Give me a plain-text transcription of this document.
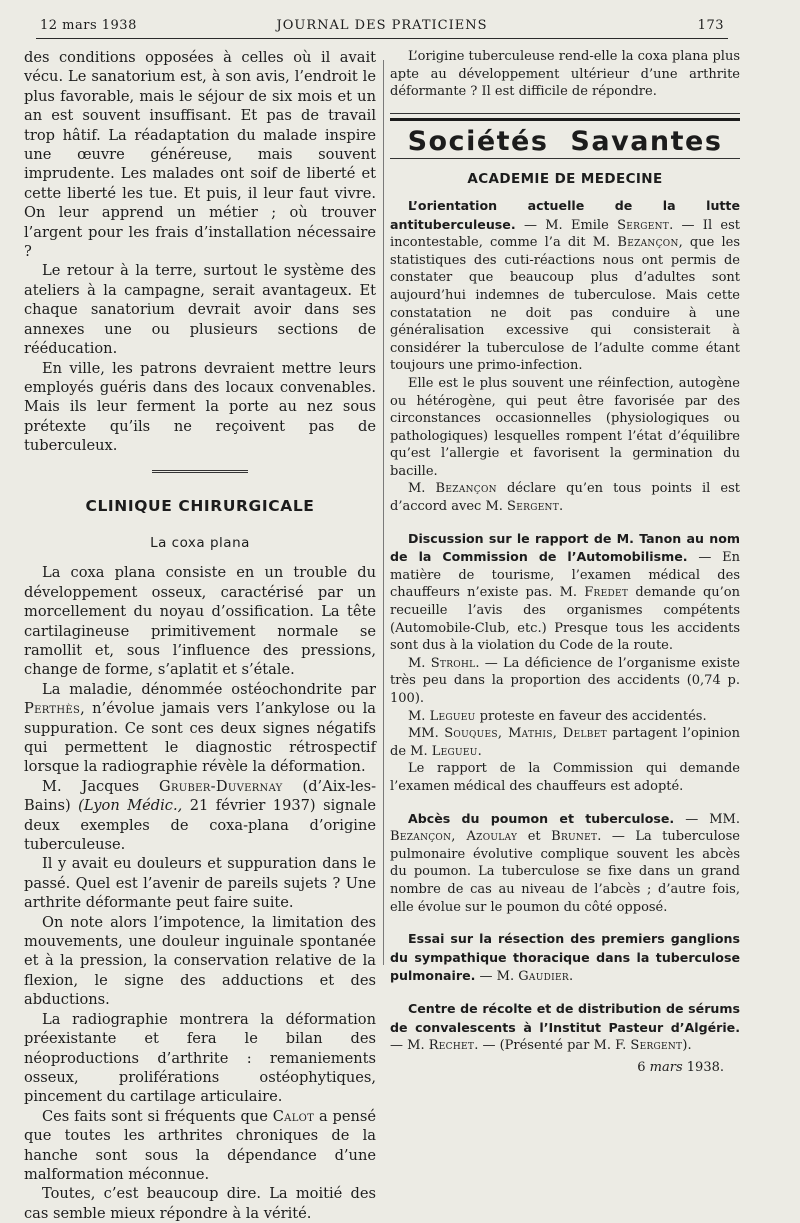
12 mars 1938	JOURNAL DES PRATICIENS	173

des conditions opposées à celles où il avait vécu. Le sanatorium est, à son avis, l’endroit le plus favorable, mais le séjour de six mois et un an est souvent insuffisant. Et pas de travail trop hâtif. La réadaptation du malade inspire une œuvre généreuse, mais souvent imprudente. Les malades ont soif de liberté et cette liberté les tue. Et puis, il leur faut vivre. On leur apprend un métier ; où trouver l’argent pour les frais d’installation nécessaire ?

Le retour à la terre, surtout le système des ateliers à la campagne, serait avantageux. Et chaque sanatorium devrait avoir dans ses annexes une ou plusieurs sections de rééducation.

En ville, les patrons devraient mettre leurs employés guéris dans des locaux convenables. Mais ils leur ferment la porte au nez sous prétexte qu’ils ne reçoivent pas de tuberculeux.

CLINIQUE CHIRURGICALE
La coxa plana

La coxa plana consiste en un trouble du développement osseux, caractérisé par un morcellement du noyau d’ossification. La tête cartilagineuse primitivement normale se ramollit et, sous l’influence des pressions, change de forme, s’aplatit et s’étale.

La maladie, dénommée ostéochondrite par Perthès, n’évolue jamais vers l’ankylose ou la suppuration. Ce sont ces deux signes négatifs qui permettent le diagnostic rétrospectif lorsque la radiographie révèle la déformation.

M. Jacques Gruber-Duvernay (d’Aix-les-Bains) (Lyon Médic., 21 février 1937) signale deux exemples de coxa-plana d’origine tuberculeuse.

Il y avait eu douleurs et suppuration dans le passé. Quel est l’avenir de pareils sujets ? Une arthrite déformante peut faire suite.

On note alors l’impotence, la limitation des mouvements, une douleur inguinale spontanée et à la pression, la conservation relative de la flexion, le signe des adductions et des abductions.

La radiographie montrera la déformation préexistante et fera le bilan des néoproductions d’arthrite : remaniements osseux, proliférations ostéophytiques, pincement du cartilage articulaire.

Ces faits sont si fréquents que Calot a pensé que toutes les arthrites chroniques de la hanche sont sous la dépendance d’une malformation méconnue.

Toutes, c’est beaucoup dire. La moitié des cas semble mieux répondre à la vérité.

L’origine tuberculeuse rend-elle la coxa plana plus apte au développement ultérieur d’une arthrite déformante ? Il est difficile de répondre.

Sociétés Savantes
ACADEMIE DE MEDECINE

L’orientation actuelle de la lutte antituberculeuse. — M. Emile Sergent. — Il est incontestable, comme l’a dit M. Bezançon, que les statistiques des cuti-réactions nous ont permis de constater que beaucoup plus d’adultes sont aujourd’hui indemnes de tuberculose. Mais cette constatation ne doit pas conduire à une généralisation excessive qui consisterait à considérer la tuberculose de l’adulte comme étant toujours une primo-infection.

Elle est le plus souvent une réinfection, autogène ou hétérogène, qui peut être favorisée par des circonstances occasionnelles (physiologiques ou pathologiques) lesquelles rompent l’état d’équilibre qu’est l’allergie et favorisent la germination du bacille.

M. Bezançon déclare qu’en tous points il est d’accord avec M. Sergent.

Discussion sur le rapport de M. Tanon au nom de la Commission de l’Automobilisme. — En matière de tourisme, l’examen médical des chauffeurs n’existe pas. M. Fredet demande qu’on recueille l’avis des organismes compétents (Automobile-Club, etc.) Presque tous les accidents sont dus à la violation du Code de la route.

M. Strohl. — La déficience de l’organisme existe très peu dans la proportion des accidents (0,74 p. 100).

M. Legueu proteste en faveur des accidentés.

MM. Souques, Mathis, Delbet partagent l’opinion de M. Legueu.

Le rapport de la Commission qui demande l’examen médical des chauffeurs est adopté.

Abcès du poumon et tuberculose. — MM. Bezançon, Azoulay et Brunet. — La tuberculose pulmonaire évolutive complique souvent les abcès du poumon. La tuberculose se fixe dans un grand nombre de cas au niveau de l’abcès ; d’autre fois, elle évolue sur le poumon du côté opposé.

Essai sur la résection des premiers ganglions du sympathique thoracique dans la tuberculose pulmonaire. — M. Gaudier.

Centre de récolte et de distribution de sérums de convalescents à l’Institut Pasteur d’Algérie. — M. Rechet. — (Présenté par M. F. Sergent).

6 mars 1938.
